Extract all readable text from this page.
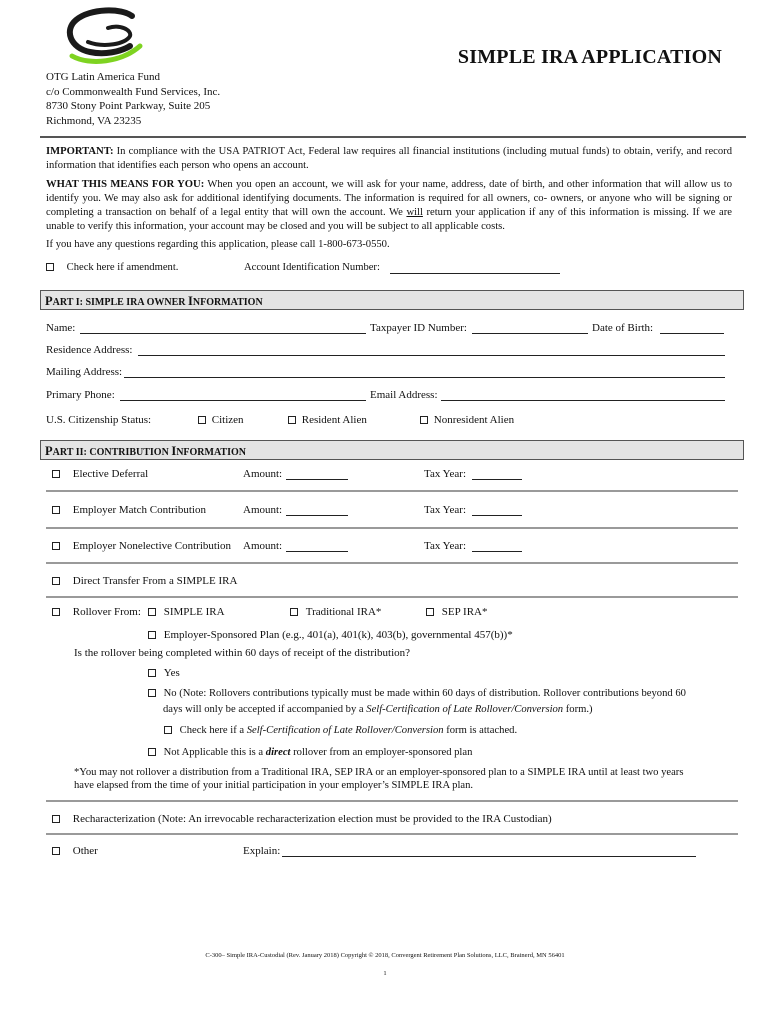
SIMPLE IRA APPLICATION
OTG Latin America Fund
c/o Commonwealth Fund Services, Inc.
8730 Stony Point Parkway, Suite 205
Richmond, VA 23235
IMPORTANT: In compliance with the USA PATRIOT Act, Federal law requires all financial institutions (including mutual funds) to obtain, verify, and record information that identifies each person who opens an account.
WHAT THIS MEANS FOR YOU: When you open an account, we will ask for your name, address, date of birth, and other information that will allow us to identify you. We may also ask for additional identifying documents. The information is required for all owners, co- owners, or anyone who will be signing or completing a transaction on behalf of a legal entity that will own the account. We will return your application if any of this information is missing. If we are unable to verify this information, your account may be closed and you will be subject to all applicable costs.
If you have any questions regarding this application, please call 1-800-673-0550.
Check here if amendment.	Account Identification Number:
PART I: SIMPLE IRA OWNER INFORMATION
Name:	Taxpayer ID Number:	Date of Birth:
Residence Address:
Mailing Address:
Primary Phone:	Email Address:
U.S. Citizenship Status:	Citizen	Resident Alien	Nonresident Alien
PART II: CONTRIBUTION INFORMATION
Elective Deferral	Amount:	Tax Year:
Employer Match Contribution	Amount:	Tax Year:
Employer Nonelective Contribution Amount:	Tax Year:
Direct Transfer From a SIMPLE IRA
Rollover From:	SIMPLE IRA	Traditional IRA*	SEP IRA*
Employer-Sponsored Plan (e.g., 401(a), 401(k), 403(b), governmental 457(b))*
Is the rollover being completed within 60 days of receipt of the distribution?
Yes
No (Note: Rollovers contributions typically must be made within 60 days of distribution. Rollover contributions beyond 60
days will only be accepted if accompanied by a Self-Certification of Late Rollover/Conversion form.)
Check here if a Self-Certification of Late Rollover/Conversion form is attached.
Not Applicable this is a direct rollover from an employer-sponsored plan
*You may not rollover a distribution from a Traditional IRA, SEP IRA or an employer-sponsored plan to a SIMPLE IRA until at least two years
have elapsed from the time of your initial participation in your employer’s SIMPLE IRA plan.
Recharacterization (Note: An irrevocable recharacterization election must be provided to the IRA Custodian)
Other	Explain:
C-300– Simple IRA-Custodial (Rev. January 2018) Copyright © 2018, Convergent Retirement Plan Solutions, LLC, Brainerd, MN 56401
1
